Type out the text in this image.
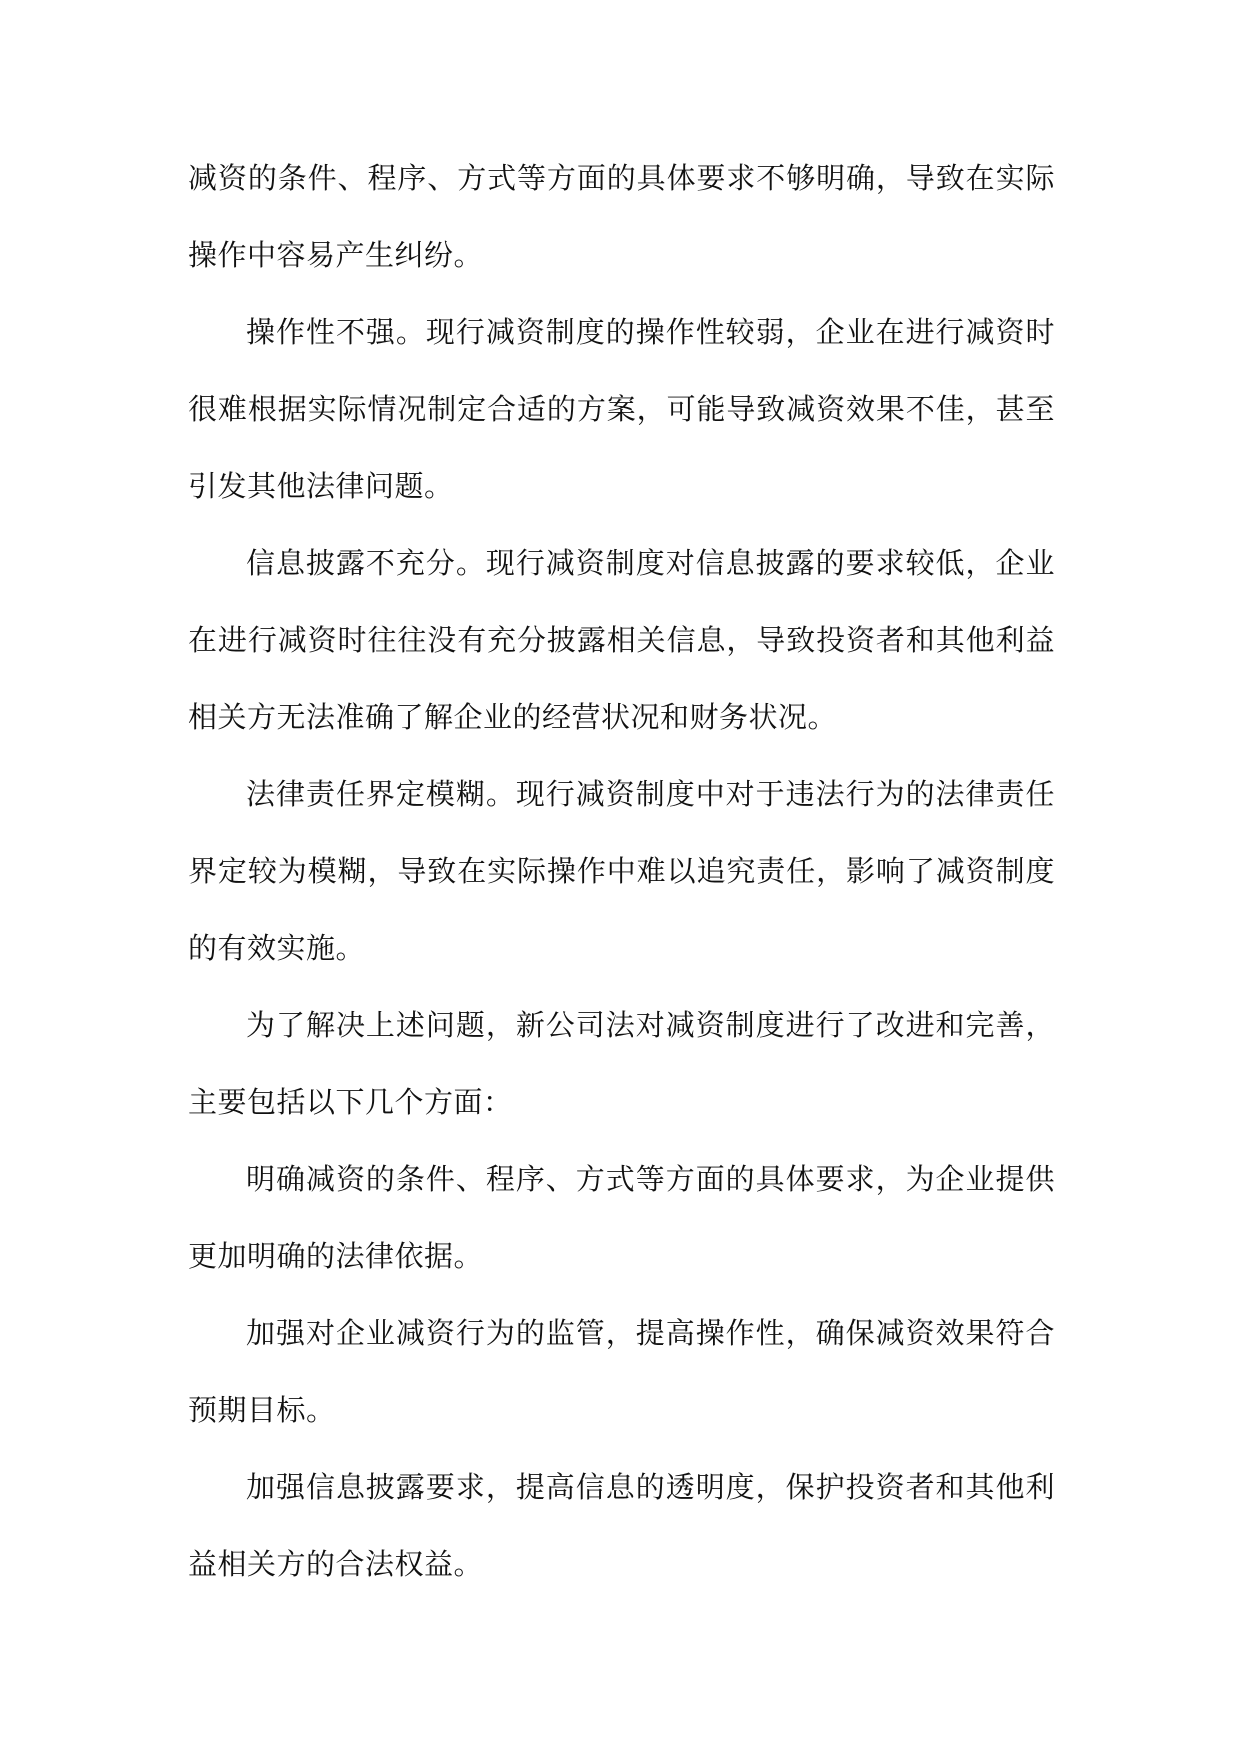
减资的条件、程序、方式等方面的具体要求不够明确，导致在实际操作中容易产生纠纷。

操作性不强。现行减资制度的操作性较弱，企业在进行减资时很难根据实际情况制定合适的方案，可能导致减资效果不佳，甚至引发其他法律问题。

信息披露不充分。现行减资制度对信息披露的要求较低，企业在进行减资时往往没有充分披露相关信息，导致投资者和其他利益相关方无法准确了解企业的经营状况和财务状况。

法律责任界定模糊。现行减资制度中对于违法行为的法律责任界定较为模糊，导致在实际操作中难以追究责任，影响了减资制度的有效实施。

为了解决上述问题，新公司法对减资制度进行了改进和完善，主要包括以下几个方面：

明确减资的条件、程序、方式等方面的具体要求，为企业提供更加明确的法律依据。

加强对企业减资行为的监管，提高操作性，确保减资效果符合预期目标。

加强信息披露要求，提高信息的透明度，保护投资者和其他利益相关方的合法权益。
